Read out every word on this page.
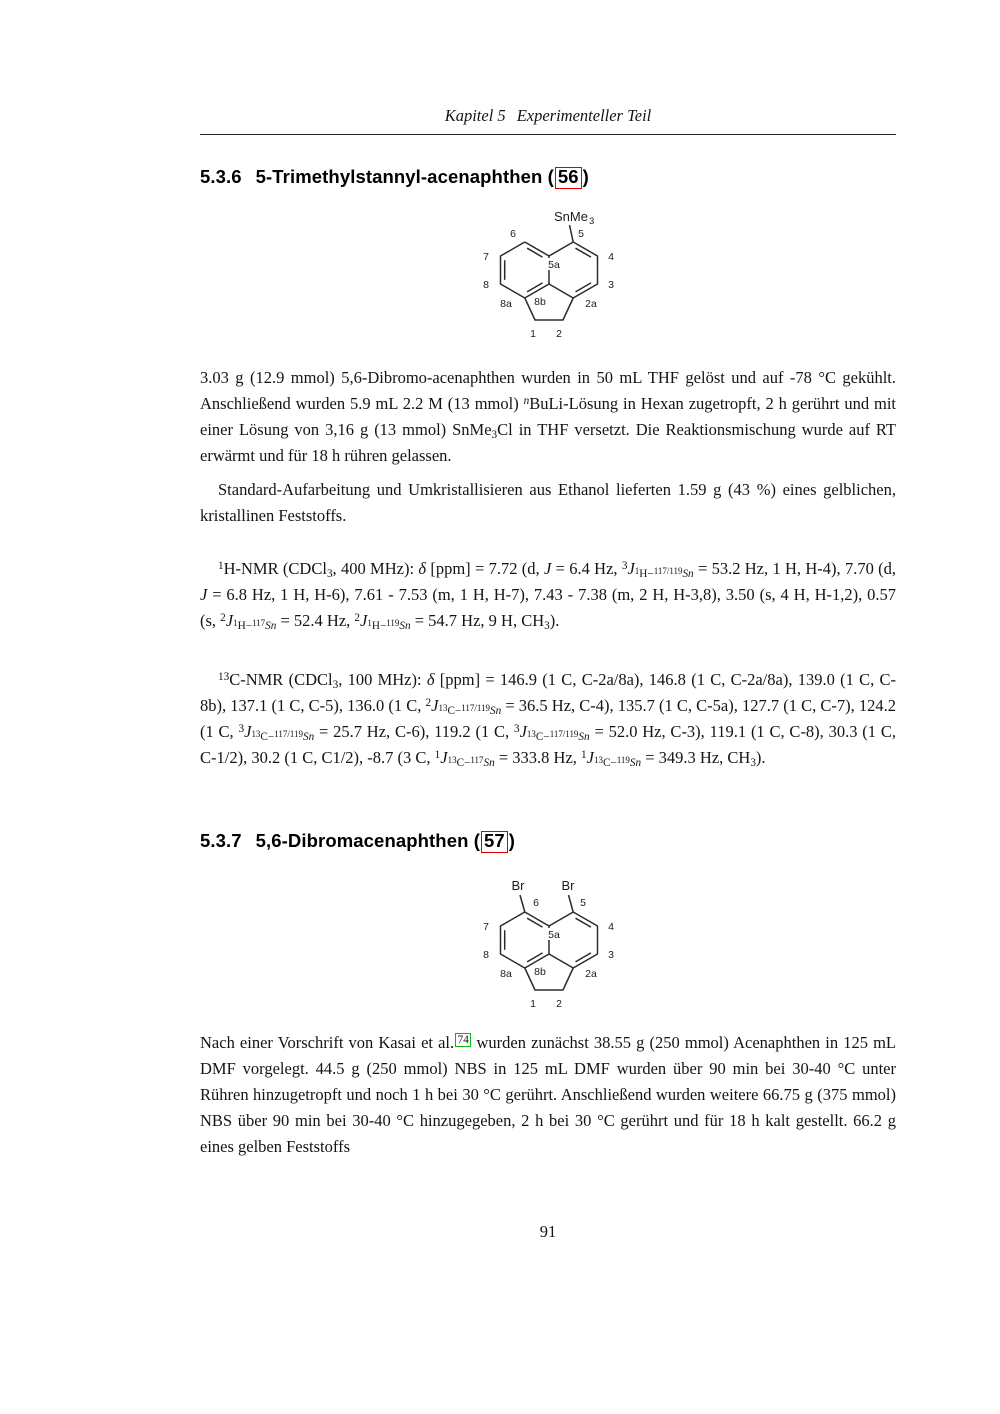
Kapitel 5 Experimenteller Teil
5.3.6 5-Trimethylstannyl-acenaphthen ( 56 )
SnMe 3
6	5
7	4
8	3
8a	2a
8b
5a
1 2

3.03 g (12.9 mmol) 5,6-Dibromo-acenaphthen wurden in 50 mL THF gelöst und auf -78 °C gekühlt. Anschließend wurden 5.9 mL 2.2 M (13 mmol) $^n$BuLi-Lösung in Hexan zugetropft, 2 h gerührt und mit einer Lösung von 3,16 g (13 mmol) SnMe$_3$Cl in THF versetzt. Die Reaktionsmischung wurde auf RT erwärmt und für 18 h rühren gelassen.

Standard-Aufarbeitung und Umkristallisieren aus Ethanol lieferten 1.59 g (43 %) eines gelblichen, kristallinen Feststoffs.

$^1$H-NMR (CDCl$_3$, 400 MHz): δ [ppm] = 7.72 (d, J = 6.4 Hz, $^3J_{^1H-^{117/119}Sn} = 53.2$ Hz, 1 H, H-4), 7.70 (d, J = 6.8 Hz, 1 H, H-6), 7.61 - 7.53 (m, 1 H, H-7), 7.43 - 7.38 (m, 2 H, H-3,8), 3.50 (s, 4 H, H-1,2), 0.57 (s, $^2J_{^1H-^{117}Sn} = 52.4$ Hz, $^2J_{^1H-^{119}Sn} = 54.7$ Hz, 9 H, $CH_3$).

$^{13}$C-NMR (CDCl$_3$, 100 MHz): δ [ppm] = 146.9 (1 C, C-2a/8a), 146.8 (1 C, C-2a/8a), 139.0 (1 C, C-8b), 137.1 (1 C, C-5), 136.0 (1 C, $^2J_{^{13}C-^{117/119}Sn} = 36.5$ Hz, C-4), 135.7 (1 C, C-5a), 127.7 (1 C, C-7), 124.2 (1 C, $^3J_{^{13}C-^{117/119}Sn} = 25.7$ Hz, C-6), 119.2 (1 C, $^3J_{^{13}C-^{117/119}Sn} = 52.0$ Hz, C-3), 119.1 (1 C, C-8), 30.3 (1 C, C-1/2), 30.2 (1 C, C1/2), -8.7 (3 C, $^1J_{^{13}C-^{117}Sn} = 333.8$ Hz, $^1J_{^{13}C-^{119}Sn} = 349.3$ Hz, $CH_3$).

5.3.7 5,6-Dibromacenaphthen ( 57 )
Br	Br
6	5
7	4
8	3
8a	2a
8b
5a
1 2

Nach einer Vorschrift von Kasai et al. $^{74}$ wurden zunächst 38.55 g (250 mmol) Acenaphthen in 125 mL DMF vorgelegt. 44.5 g (250 mmol) NBS in 125 mL DMF wurden über 90 min bei 30-40 °C unter Rühren hinzugetropft und noch 1 h bei 30 °C gerührt. Anschließend wurden weitere 66.75 g (375 mmol) NBS über 90 min bei 30-40 °C hinzugegeben, 2 h bei 30 °C gerührt und für 18 h kalt gestellt. 66.2 g eines gelben Feststoffs

91
